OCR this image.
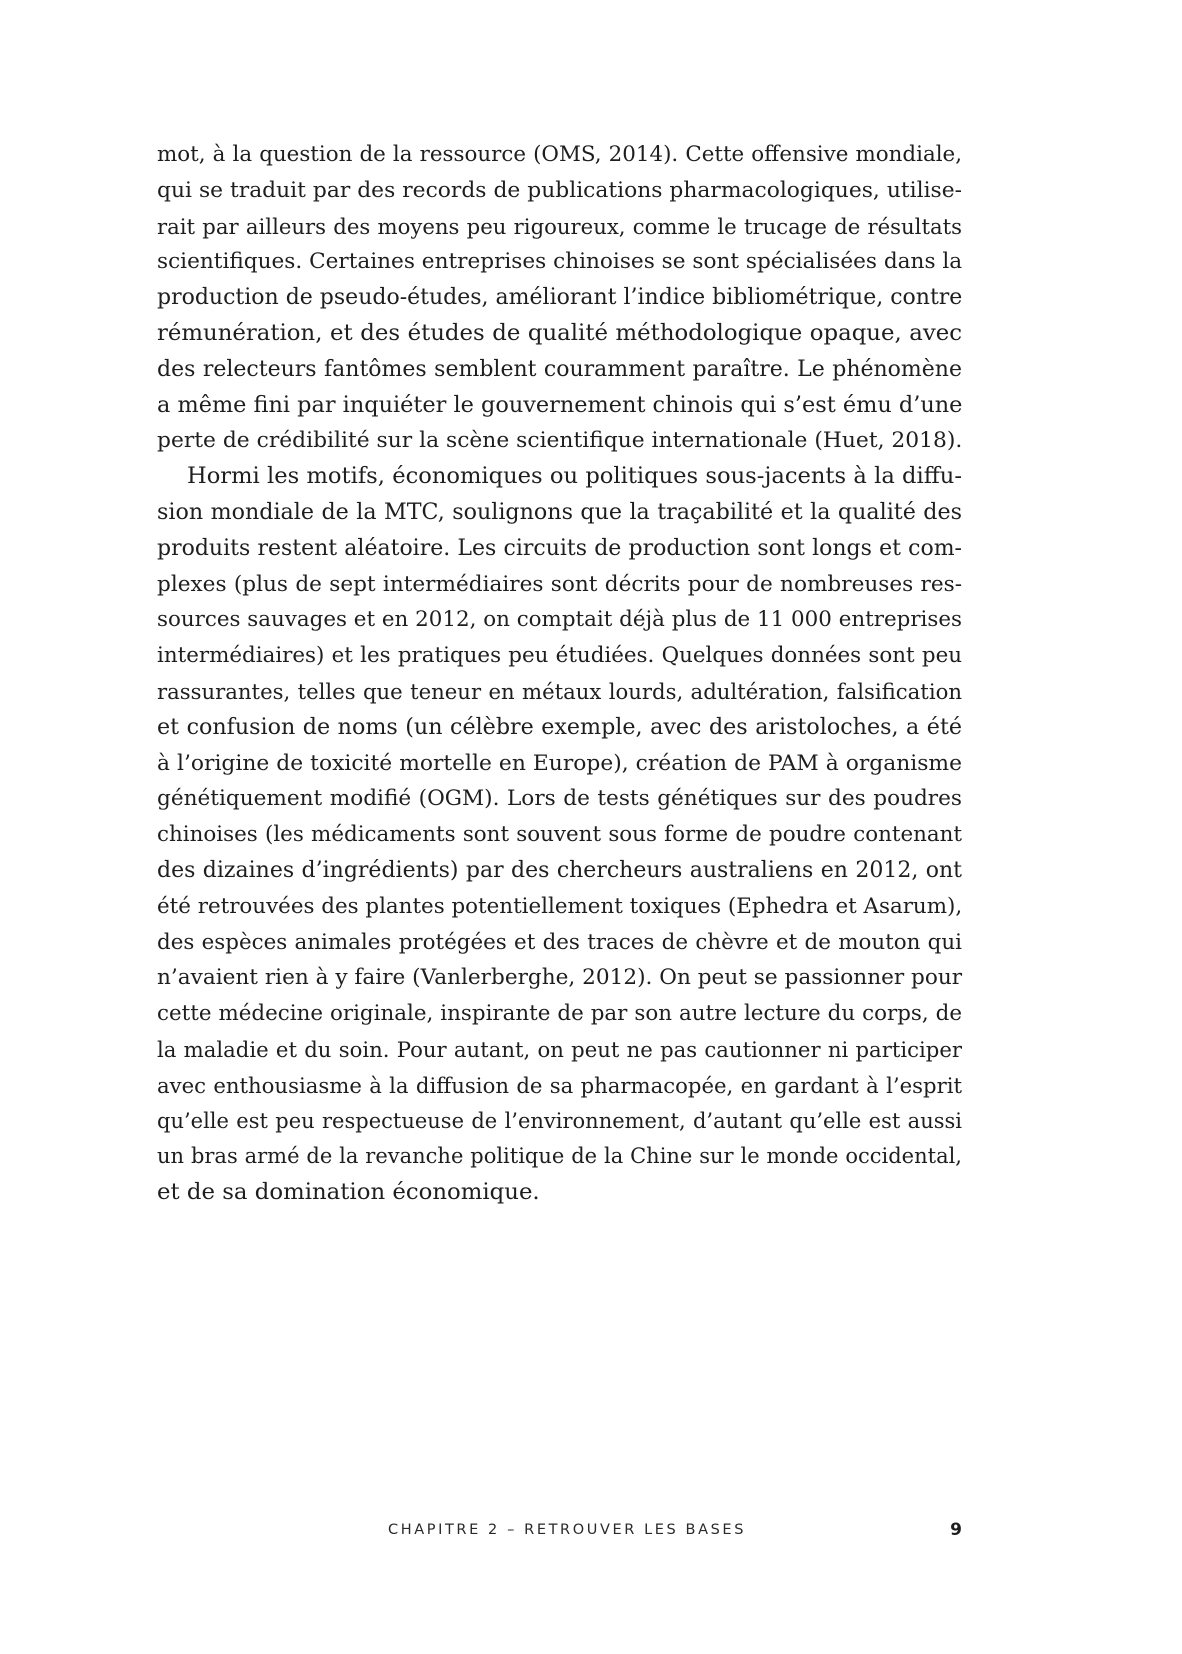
mot, à la question de la ressource (OMS, 2014). Cette offensive mondiale,
qui se traduit par des records de publications pharmacologiques, utilise-
rait par ailleurs des moyens peu rigoureux, comme le trucage de résultats
scientifiques. Certaines entreprises chinoises se sont spécialisées dans la
production de pseudo-études, améliorant l’indice bibliométrique, contre
rémunération, et des études de qualité méthodologique opaque, avec
des relecteurs fantômes semblent couramment paraître. Le phénomène
a même fini par inquiéter le gouvernement chinois qui s’est ému d’une
perte de crédibilité sur la scène scientifique internationale (Huet, 2018).
Hormi les motifs, économiques ou politiques sous-jacents à la diffu-
sion mondiale de la MTC, soulignons que la traçabilité et la qualité des
produits restent aléatoire. Les circuits de production sont longs et com-
plexes (plus de sept intermédiaires sont décrits pour de nombreuses res-
sources sauvages et en 2012, on comptait déjà plus de 11 000 entreprises
intermédiaires) et les pratiques peu étudiées. Quelques données sont peu
rassurantes, telles que teneur en métaux lourds, adultération, falsification
et confusion de noms (un célèbre exemple, avec des aristoloches, a été
à l’origine de toxicité mortelle en Europe), création de PAM à organisme
génétiquement modifié (OGM). Lors de tests génétiques sur des poudres
chinoises (les médicaments sont souvent sous forme de poudre contenant
des dizaines d’ingrédients) par des chercheurs australiens en 2012, ont
été retrouvées des plantes potentiellement toxiques (Ephedra et Asarum),
des espèces animales protégées et des traces de chèvre et de mouton qui
n’avaient rien à y faire (Vanlerberghe, 2012). On peut se passionner pour
cette médecine originale, inspirante de par son autre lecture du corps, de
la maladie et du soin. Pour autant, on peut ne pas cautionner ni participer
avec enthousiasme à la diffusion de sa pharmacopée, en gardant à l’esprit
qu’elle est peu respectueuse de l’environnement, d’autant qu’elle est aussi
un bras armé de la revanche politique de la Chine sur le monde occidental,
et de sa domination économique.
CHAPITRE 2 – RETROUVER LES BASES	9
